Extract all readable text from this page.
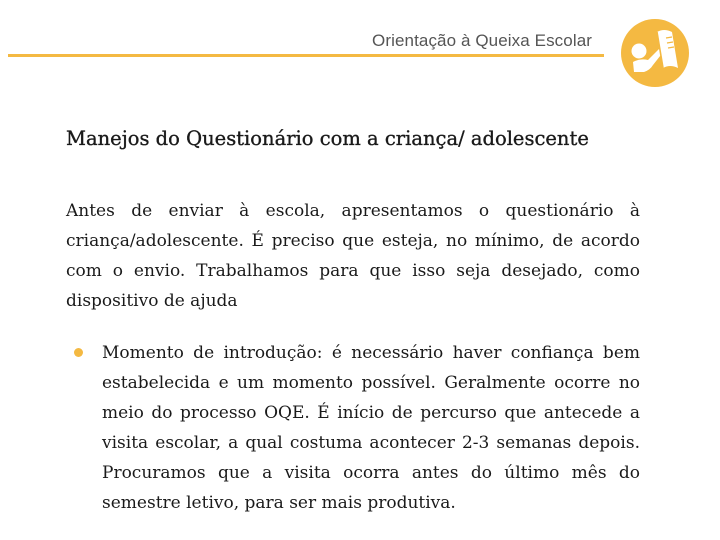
Orientação à Queixa Escolar
Manejos do Questionário com a criança/ adolescente

Antes de enviar à escola, apresentamos o questionário à criança/adolescente. É preciso que esteja, no mínimo, de acordo com o envio. Trabalhamos para que isso seja desejado, como dispositivo de ajuda

Momento de introdução: é necessário haver confiança bem estabelecida e um momento possível. Geralmente ocorre no meio do processo OQE. É início de percurso que antecede a visita escolar, a qual costuma acontecer 2-3 semanas depois. Procuramos que a visita ocorra antes do último mês do semestre letivo, para ser mais produtiva.
